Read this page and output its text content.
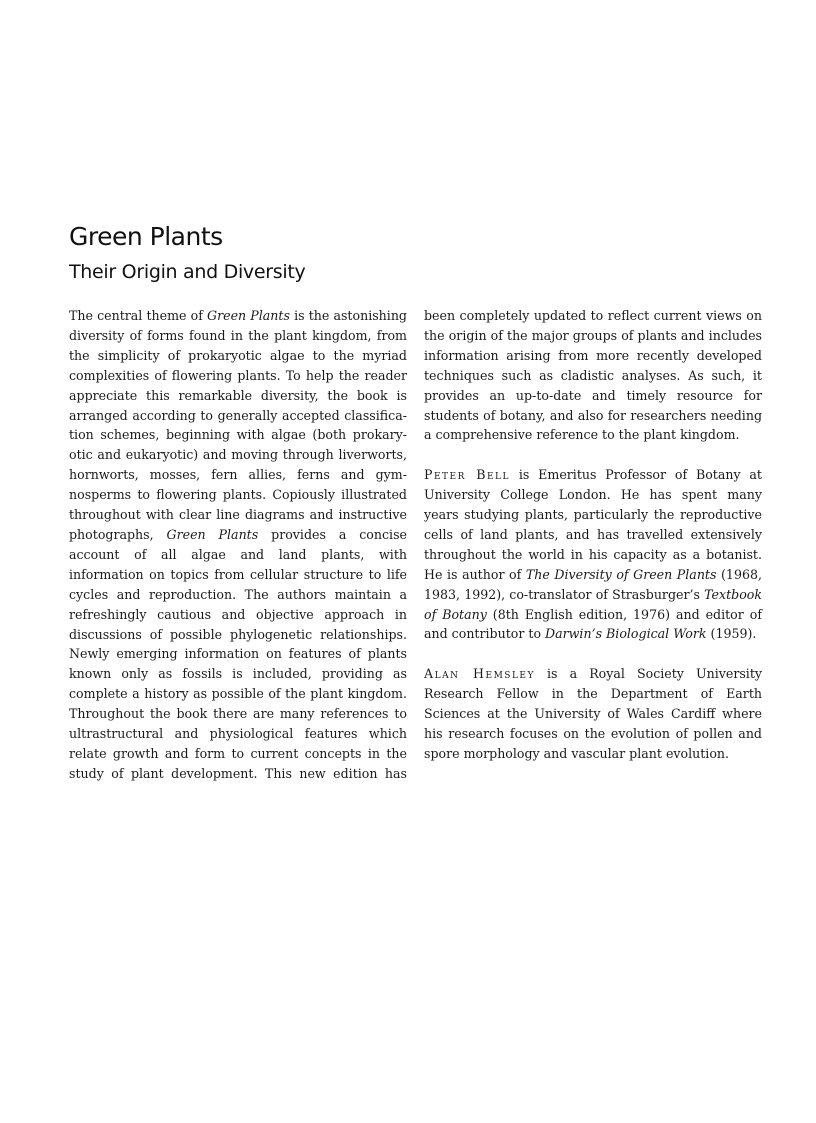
Green Plants
Their Origin and Diversity

The central theme of Green Plants is the astonishing diversity of forms found in the plant kingdom, from the simplicity of prokaryotic algae to the myriad complexities of flowering plants. To help the reader appreciate this remarkable diversity, the book is arranged according to generally accepted classification schemes, beginning with algae (both prokaryotic and eukaryotic) and moving through liverworts, hornworts, mosses, fern allies, ferns and gymnosperms to flowering plants. Copiously illustrated throughout with clear line diagrams and instructive photographs, Green Plants provides a concise account of all algae and land plants, with information on topics from cellular structure to life cycles and reproduction. The authors maintain a refreshingly cautious and objective approach in discussions of possible phylogenetic relationships. Newly emerging information on features of plants known only as fossils is included, providing as complete a history as possible of the plant kingdom. Throughout the book there are many references to ultrastructural and physiological features which relate growth and form to current concepts in the study of plant development. This new edition has

been completely updated to reflect current views on the origin of the major groups of plants and includes information arising from more recently developed techniques such as cladistic analyses. As such, it provides an up-to-date and timely resource for students of botany, and also for researchers needing a comprehensive reference to the plant kingdom.

Peter Bell is Emeritus Professor of Botany at University College London. He has spent many years studying plants, particularly the reproductive cells of land plants, and has travelled extensively throughout the world in his capacity as a botanist. He is author of The Diversity of Green Plants (1968, 1983, 1992), co-translator of Strasburger’s Textbook of Botany (8th English edition, 1976) and editor of and contributor to Darwin’s Biological Work (1959).

Alan Hemsley is a Royal Society University Research Fellow in the Department of Earth Sciences at the University of Wales Cardiff where his research focuses on the evolution of pollen and spore morphology and vascular plant evolution.
